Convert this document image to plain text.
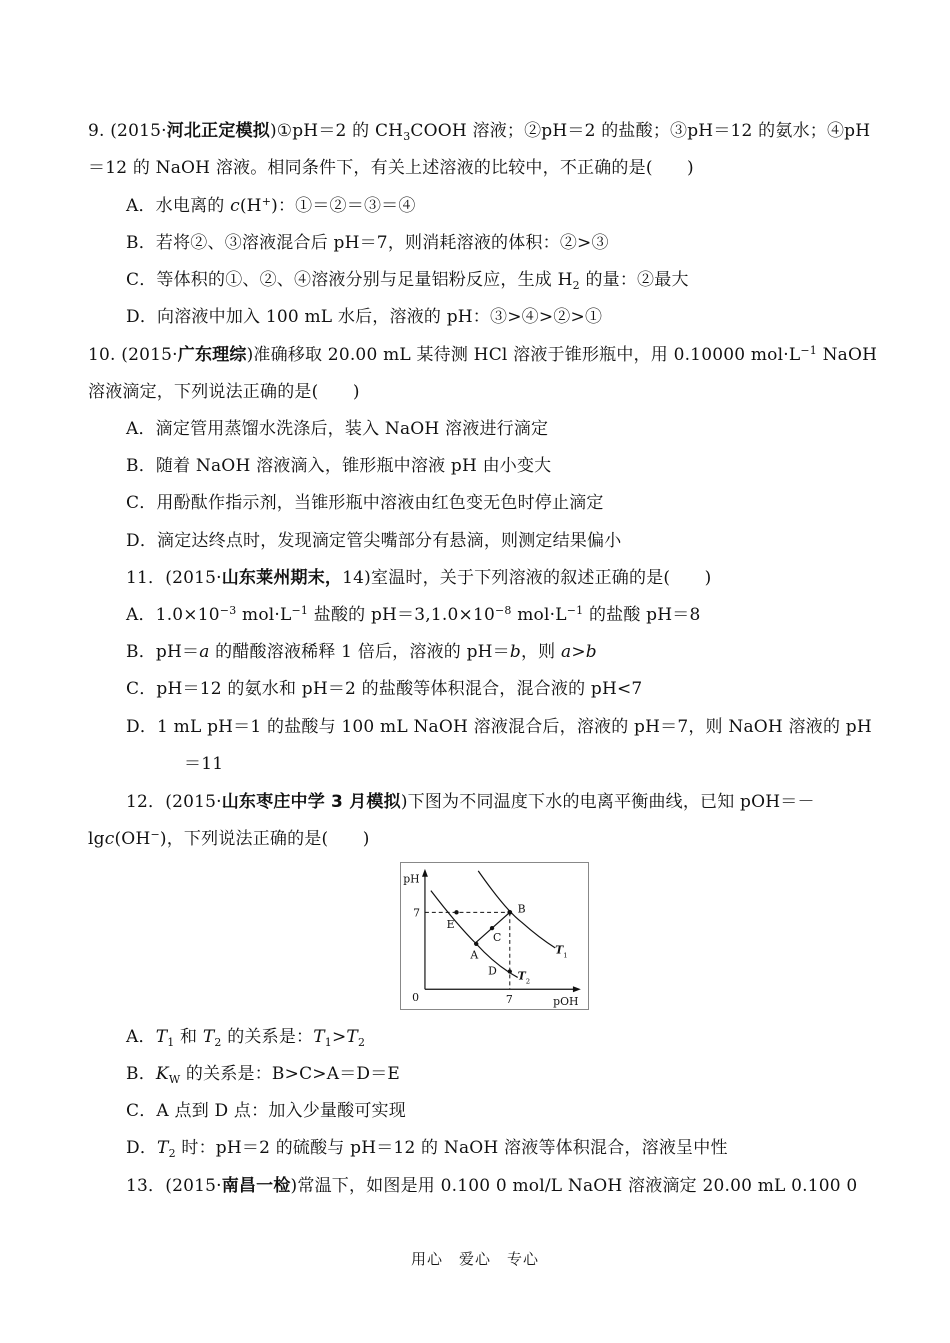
9. (2015·河北正定模拟)①pH＝2 的 $CH_3COOH$ 溶液；②pH＝2 的盐酸；③pH＝12 的氨水；④pH
＝12 的 NaOH 溶液。相同条件下，有关上述溶液的比较中，不正确的是(　　)
A．水电离的 c(H+)：①＝②＝③＝④
B．若将②、③溶液混合后 pH＝7，则消耗溶液的体积：②>③
C．等体积的①、②、④溶液分别与足量铝粉反应，生成 $H_2$ 的量：②最大
D．向溶液中加入 100 mL 水后，溶液的 pH：③>④>②>①
10. (2015·广东理综)准确移取 20.00 mL 某待测 HCl 溶液于锥形瓶中，用 0.10000 $mol\cdot L^{-1}$ NaOH
溶液滴定，下列说法正确的是(　　)
A．滴定管用蒸馏水洗涤后，装入 NaOH 溶液进行滴定
B．随着 NaOH 溶液滴入，锥形瓶中溶液 pH 由小变大
C．用酚酞作指示剂，当锥形瓶中溶液由红色变无色时停止滴定
D．滴定达终点时，发现滴定管尖嘴部分有悬滴，则测定结果偏小
11．(2015·山东莱州期末，14)室温时，关于下列溶液的叙述正确的是(　　)
A．$1.0\times 10^{-3}$ $mol\cdot L^{-1}$ 盐酸的 $pH=3,1.0\times 10^{-8}$ $mol\cdot L^{-1}$ 的盐酸 pH＝8
B．pH＝a 的醋酸溶液稀释 1 倍后，溶液的 pH＝b，则 a>b
C．pH＝12 的氨水和 pH＝2 的盐酸等体积混合，混合液的 pH<7
D．1 mL pH＝1 的盐酸与 100 mL NaOH 溶液混合后，溶液的 pH＝7，则 NaOH 溶液的 pH
＝11
12．(2015·山东枣庄中学 3 月模拟)下图为不同温度下水的电离平衡曲线，已知 pOH＝－
lgc(OH−)，下列说法正确的是(　　)
pH
pOH
0
7
7
B
E
C
A
D
$T_1$
$T_2$
A．$T_1$ 和 $T_2$ 的关系是：$T_1>T_2$
B．$K_W$ 的关系是：B>C>A＝D＝E
C．A 点到 D 点：加入少量酸可实现
D．$T_2$ 时：pH＝2 的硫酸与 pH＝12 的 NaOH 溶液等体积混合，溶液呈中性
13．(2015·南昌一检)常温下，如图是用 0.100 0 mol/L NaOH 溶液滴定 20.00 mL 0.100 0
用心　爱心　专心
